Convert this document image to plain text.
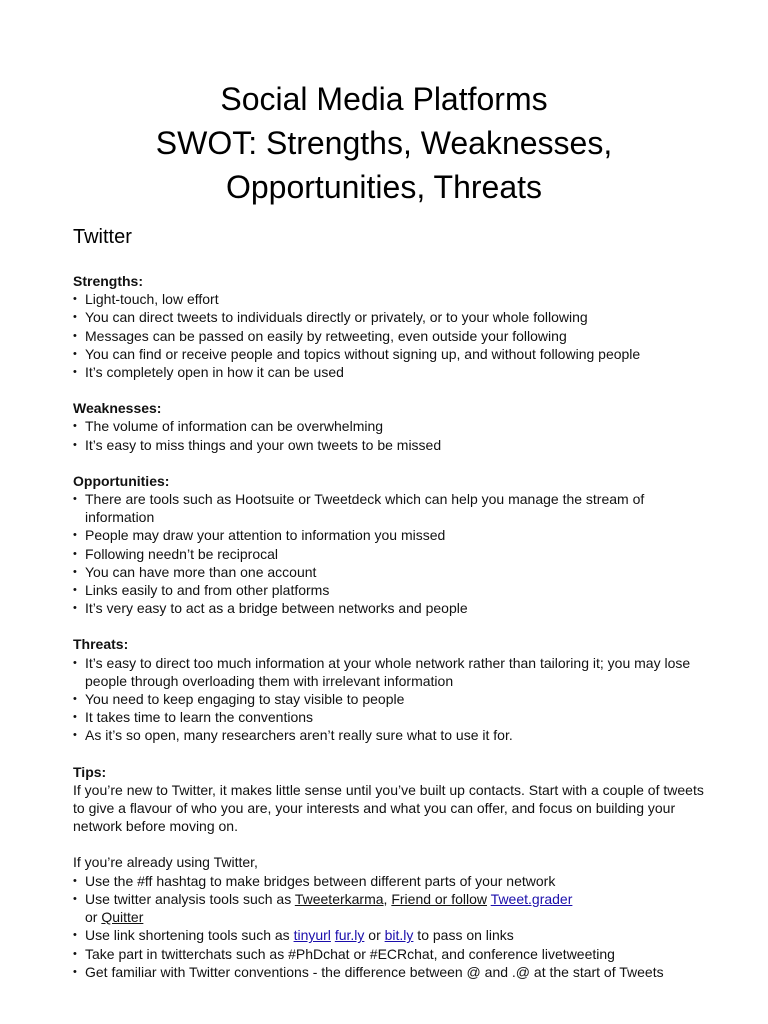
Social Media Platforms
SWOT: Strengths, Weaknesses,
Opportunities, Threats
Twitter

Strengths:

• Light-touch, low effort
• You can direct tweets to individuals directly or privately, or to your whole following
• Messages can be passed on easily by retweeting, even outside your following
• You can find or receive people and topics without signing up, and without following people
• It’s completely open in how it can be used

Weaknesses:

• The volume of information can be overwhelming
• It’s easy to miss things and your own tweets to be missed

Opportunities:

• There are tools such as Hootsuite or Tweetdeck which can help you manage the stream of information
• People may draw your attention to information you missed
• Following needn’t be reciprocal
• You can have more than one account
• Links easily to and from other platforms
• It’s very easy to act as a bridge between networks and people

Threats:

• It’s easy to direct too much information at your whole network rather than tailoring it; you may lose people through overloading them with irrelevant information
• You need to keep engaging to stay visible to people
• It takes time to learn the conventions
• As it’s so open, many researchers aren’t really sure what to use it for.

Tips:

If you’re new to Twitter, it makes little sense until you’ve built up contacts. Start with a couple of tweets to give a flavour of who you are, your interests and what you can offer, and focus on building your network before moving on.

If you’re already using Twitter,

• Use the #ff hashtag to make bridges between different parts of your network
• Use twitter analysis tools such as Tweeterkarma, Friend or follow Tweet.grader
or Quitter
• Use link shortening tools such as tinyurl fur.ly or bit.ly to pass on links
• Take part in twitterchats such as #PhDchat or #ECRchat, and conference livetweeting
• Get familiar with Twitter conventions - the difference between @ and .@ at the start of Tweets
